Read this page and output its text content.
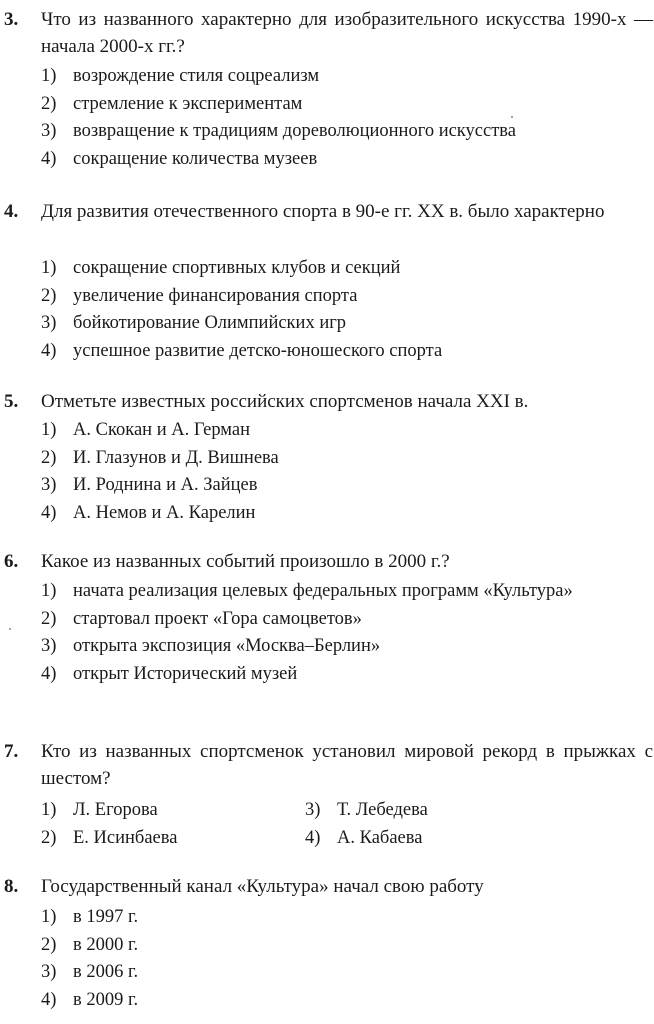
3. Что из названного характерно для изобразительного искусства 1990-х — начала 2000-х гг.?
1) возрождение стиля соцреализм
2) стремление к экспериментам
3) возвращение к традициям дореволюционного искусства
4) сокращение количества музеев
4. Для развития отечественного спорта в 90-е гг. XX в. было характерно
1) сокращение спортивных клубов и секций
2) увеличение финансирования спорта
3) бойкотирование Олимпийских игр
4) успешное развитие детско-юношеского спорта
5. Отметьте известных российских спортсменов начала XXI в.
1) А. Скокан и А. Герман
2) И. Глазунов и Д. Вишнева
3) И. Роднина и А. Зайцев
4) А. Немов и А. Карелин
6. Какое из названных событий произошло в 2000 г.?
1) начата реализация целевых федеральных программ «Культура»
2) стартовал проект «Гора самоцветов»
3) открыта экспозиция «Москва–Берлин»
4) открыт Исторический музей
7. Кто из названных спортсменок установил мировой рекорд в прыжках с шестом?
1) Л. Егорова	3) Т. Лебедева
2) Е. Исинбаева	4) А. Кабаева
8. Государственный канал «Культура» начал свою работу
1) в 1997 г.
2) в 2000 г.
3) в 2006 г.
4) в 2009 г.
